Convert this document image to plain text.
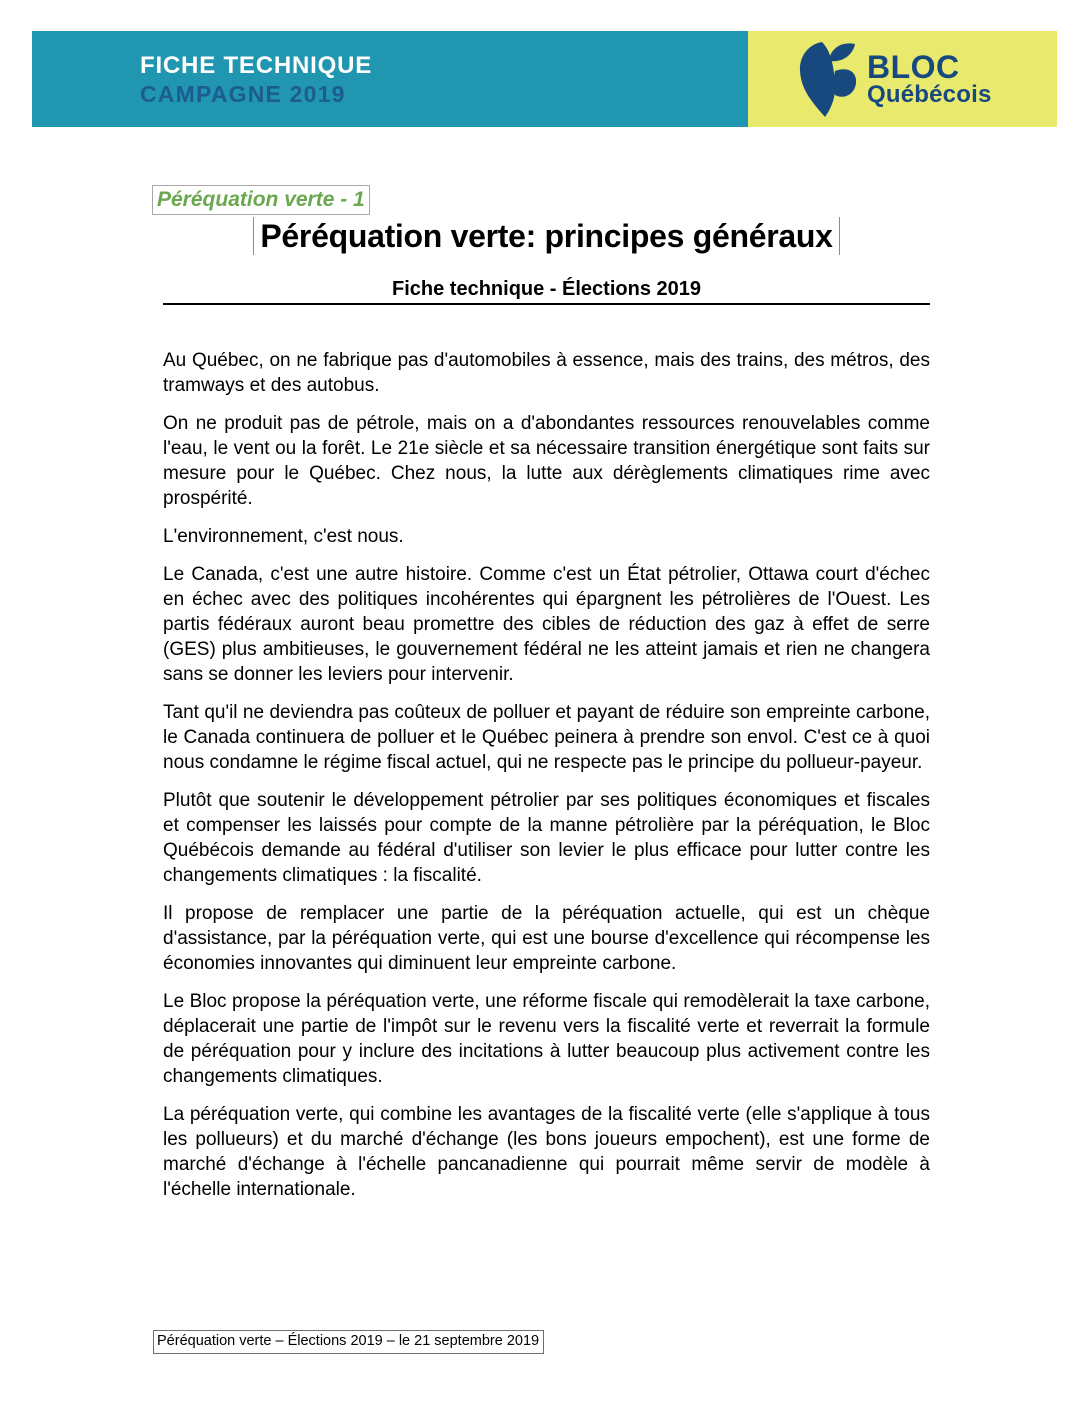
FICHE TECHNIQUE
CAMPAGNE 2019
BLOC
Québécois
Péréquation verte - 1
Péréquation verte: principes généraux
Fiche technique - Élections 2019

Au Québec, on ne fabrique pas d'automobiles à essence, mais des trains, des métros, des tramways et des autobus.

On ne produit pas de pétrole, mais on a d'abondantes ressources renouvelables comme l'eau, le vent ou la forêt. Le 21e siècle et sa nécessaire transition énergétique sont faits sur mesure pour le Québec. Chez nous, la lutte aux dérèglements climatiques rime avec prospérité.

L'environnement, c'est nous.

Le Canada, c'est une autre histoire. Comme c'est un État pétrolier, Ottawa court d'échec en échec avec des politiques incohérentes qui épargnent les pétrolières de l'Ouest. Les partis fédéraux auront beau promettre des cibles de réduction des gaz à effet de serre (GES) plus ambitieuses, le gouvernement fédéral ne les atteint jamais et rien ne changera sans se donner les leviers pour intervenir.

Tant qu'il ne deviendra pas coûteux de polluer et payant de réduire son empreinte carbone, le Canada continuera de polluer et le Québec peinera à prendre son envol. C'est ce à quoi nous condamne le régime fiscal actuel, qui ne respecte pas le principe du pollueur-payeur.

Plutôt que soutenir le développement pétrolier par ses politiques économiques et fiscales et compenser les laissés pour compte de la manne pétrolière par la péréquation, le Bloc Québécois demande au fédéral d'utiliser son levier le plus efficace pour lutter contre les changements climatiques : la fiscalité.

Il propose de remplacer une partie de la péréquation actuelle, qui est un chèque d'assistance, par la péréquation verte, qui est une bourse d'excellence qui récompense les économies innovantes qui diminuent leur empreinte carbone.

Le Bloc propose la péréquation verte, une réforme fiscale qui remodèlerait la taxe carbone, déplacerait une partie de l'impôt sur le revenu vers la fiscalité verte et reverrait la formule de péréquation pour y inclure des incitations à lutter beaucoup plus activement contre les changements climatiques.

La péréquation verte, qui combine les avantages de la fiscalité verte (elle s'applique à tous les pollueurs) et du marché d'échange (les bons joueurs empochent), est une forme de marché d'échange à l'échelle pancanadienne qui pourrait même servir de modèle à l'échelle internationale.

Péréquation verte – Élections 2019 – le 21 septembre 2019
